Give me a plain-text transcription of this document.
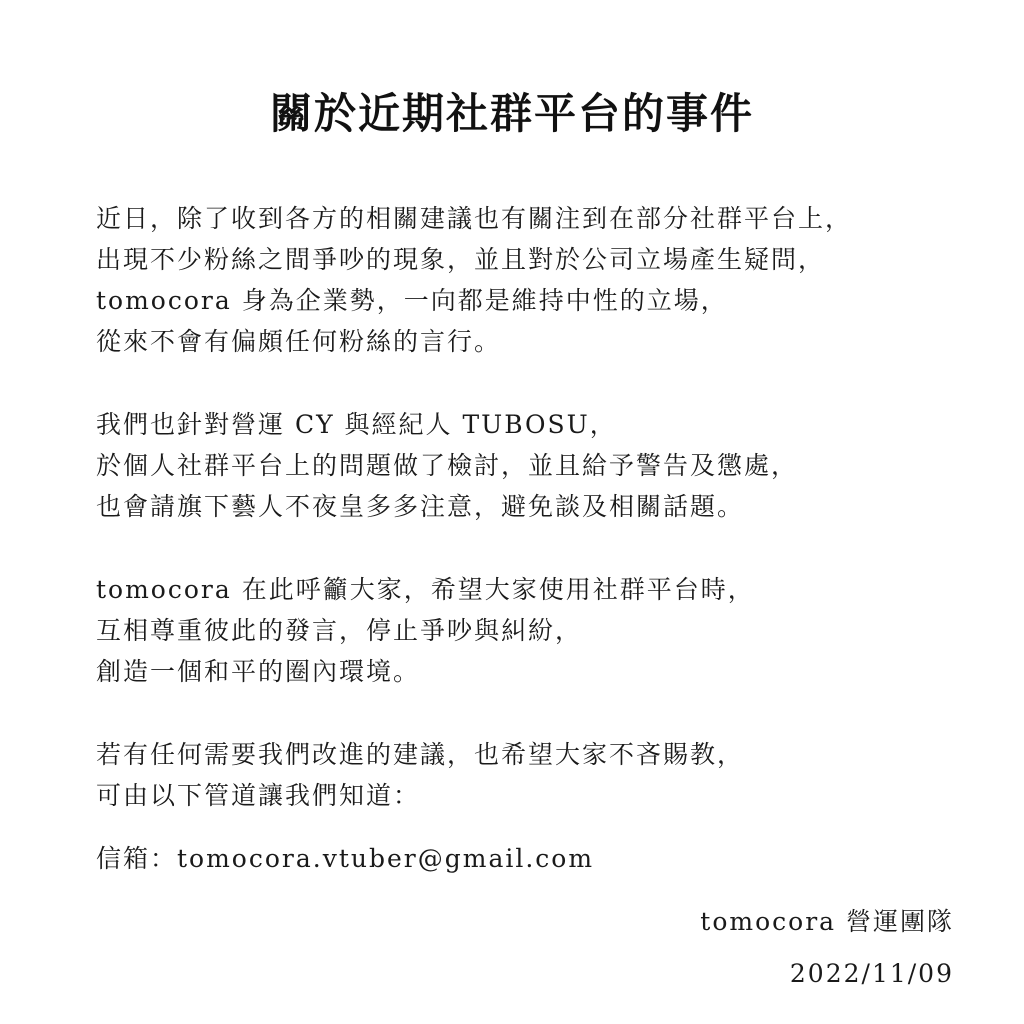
關於近期社群平台的事件
近日，除了收到各方的相關建議也有關注到在部分社群平台上，
出現不少粉絲之間爭吵的現象，並且對於公司立場產生疑問，
tomocora 身為企業勢，一向都是維持中性的立場，
從來不會有偏頗任何粉絲的言行。
我們也針對營運 CY 與經紀人 TUBOSU，
於個人社群平台上的問題做了檢討，並且給予警告及懲處，
也會請旗下藝人不夜皇多多注意，避免談及相關話題。
tomocora 在此呼籲大家，希望大家使用社群平台時，
互相尊重彼此的發言，停止爭吵與糾紛，
創造一個和平的圈內環境。
若有任何需要我們改進的建議，也希望大家不吝賜教，
可由以下管道讓我們知道：
信箱：tomocora.vtuber@gmail.com
tomocora 營運團隊
2022/11/09
